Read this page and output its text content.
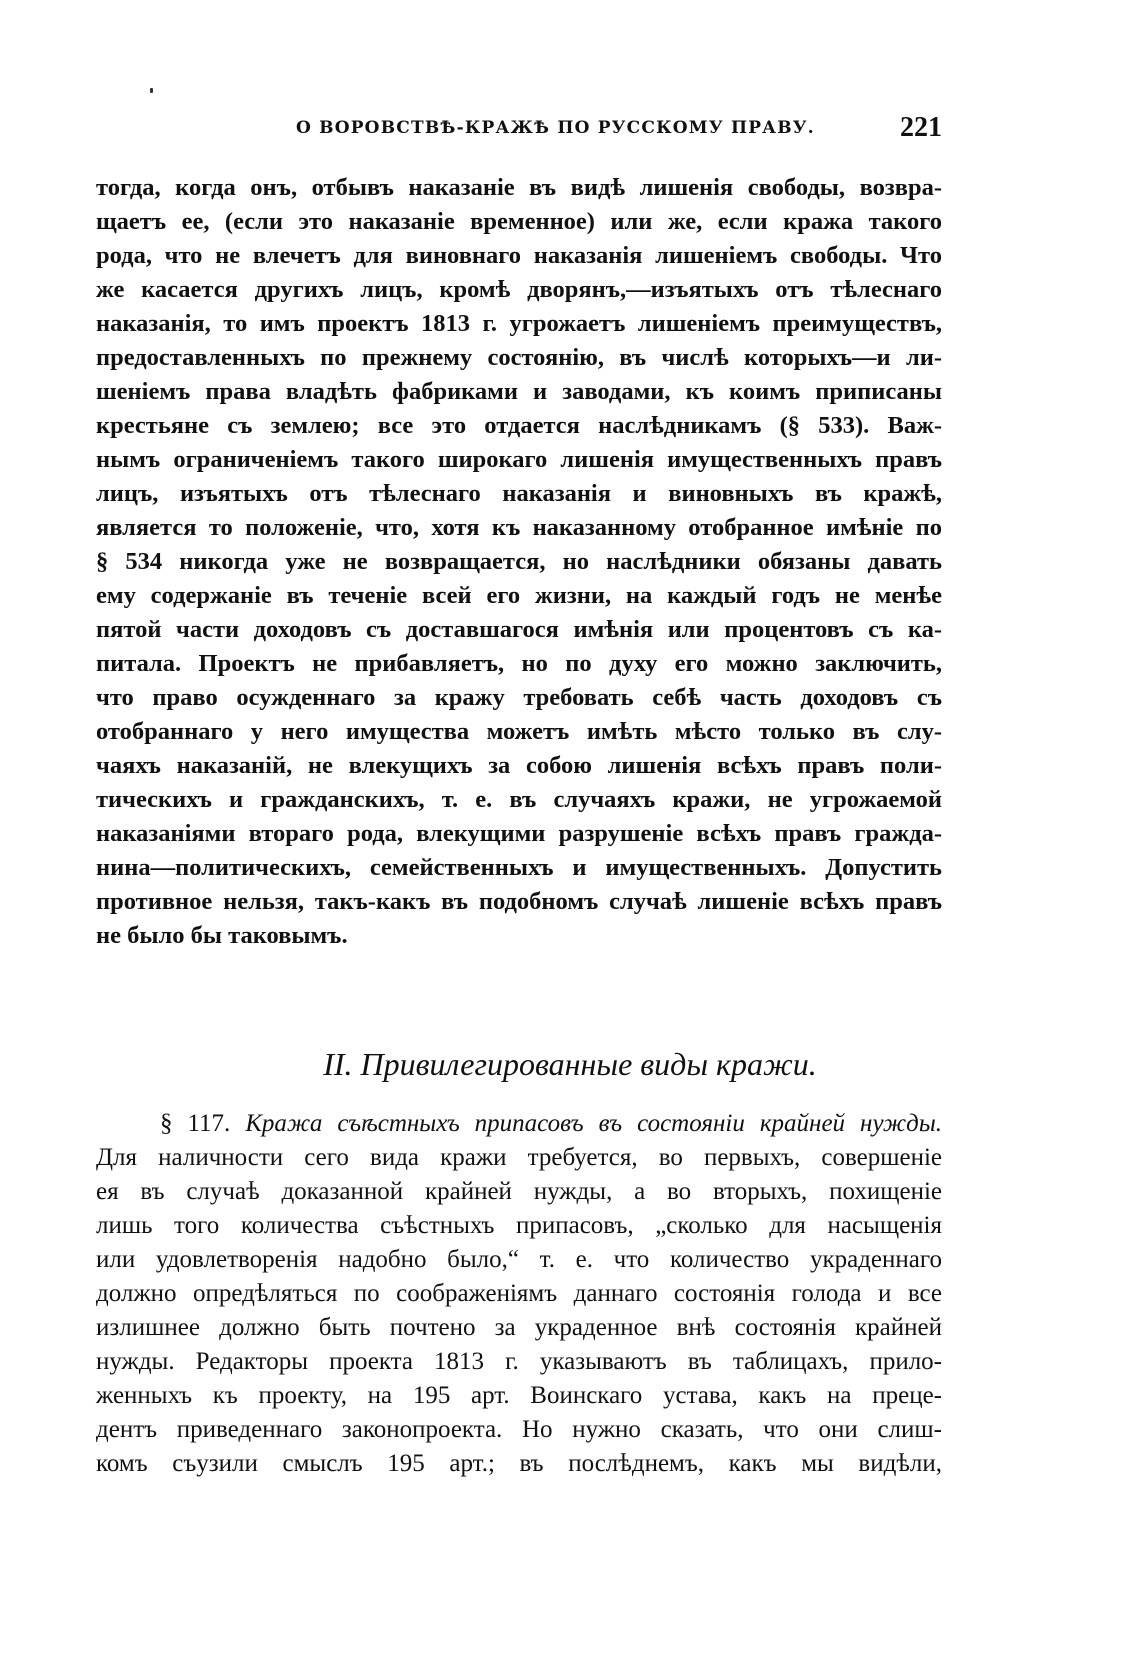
О ВОРОВСТВѢ-КРАЖѢ ПО РУССКОМУ ПРАВУ.	221
тогда, когда онъ, отбывъ наказаніе въ видѣ лишенія свободы, возвра-
щаетъ ее, (если это наказаніе временное) или же, если кража такого
рода, что не влечетъ для виновнаго наказанія лишеніемъ свободы. Что
же касается другихъ лицъ, кромѣ дворянъ,—изъятыхъ отъ тѣлеснаго
наказанія, то имъ проектъ 1813 г. угрожаетъ лишеніемъ преимуществъ,
предоставленныхъ по прежнему состоянію, въ числѣ которыхъ—и ли-
шеніемъ права владѣть фабриками и заводами, къ коимъ приписаны
крестьяне съ землею; все это отдается наслѣдникамъ (§ 533). Важ-
нымъ ограниченіемъ такого широкаго лишенія имущественныхъ правъ
лицъ, изъятыхъ отъ тѣлеснаго наказанія и виновныхъ въ кражѣ,
является то положеніе, что, хотя къ наказанному отобранное имѣніе по
§ 534 никогда уже не возвращается, но наслѣдники обязаны давать
ему содержаніе въ теченіе всей его жизни, на каждый годъ не менѣе
пятой части доходовъ съ доставшагося имѣнія или процентовъ съ ка-
питала. Проектъ не прибавляетъ, но по духу его можно заключить,
что право осужденнаго за кражу требовать себѣ часть доходовъ съ
отобраннаго у него имущества можетъ имѣть мѣсто только въ слу-
чаяхъ наказаній, не влекущихъ за собою лишенія всѣхъ правъ поли-
тическихъ и гражданскихъ, т. е. въ случаяхъ кражи, не угрожаемой
наказаніями втораго рода, влекущими разрушеніе всѣхъ правъ гражда-
нина—политическихъ, семейственныхъ и имущественныхъ. Допустить
противное нельзя, такъ-какъ въ подобномъ случаѣ лишеніе всѣхъ правъ
не было бы таковымъ.
II. Привилегированные виды кражи.
§ 117. Кража съѣстныхъ припасовъ въ состояніи крайней нужды.
Для наличности сего вида кражи требуется, во первыхъ, совершеніе
ея въ случаѣ доказанной крайней нужды, а во вторыхъ, похищеніе
лишь того количества съѣстныхъ припасовъ, „сколько для насыщенія
или удовлетворенія надобно было,“ т. е. что количество украденнаго
должно опредѣляться по соображеніямъ даннаго состоянія голода и все
излишнее должно быть почтено за украденное внѣ состоянія крайней
нужды. Редакторы проекта 1813 г. указываютъ въ таблицахъ, прило-
женныхъ къ проекту, на 195 арт. Воинскаго устава, какъ на преце-
дентъ приведеннаго законопроекта. Но нужно сказать, что они слиш-
комъ съузили смыслъ 195 арт.; въ послѣднемъ, какъ мы видѣли,
